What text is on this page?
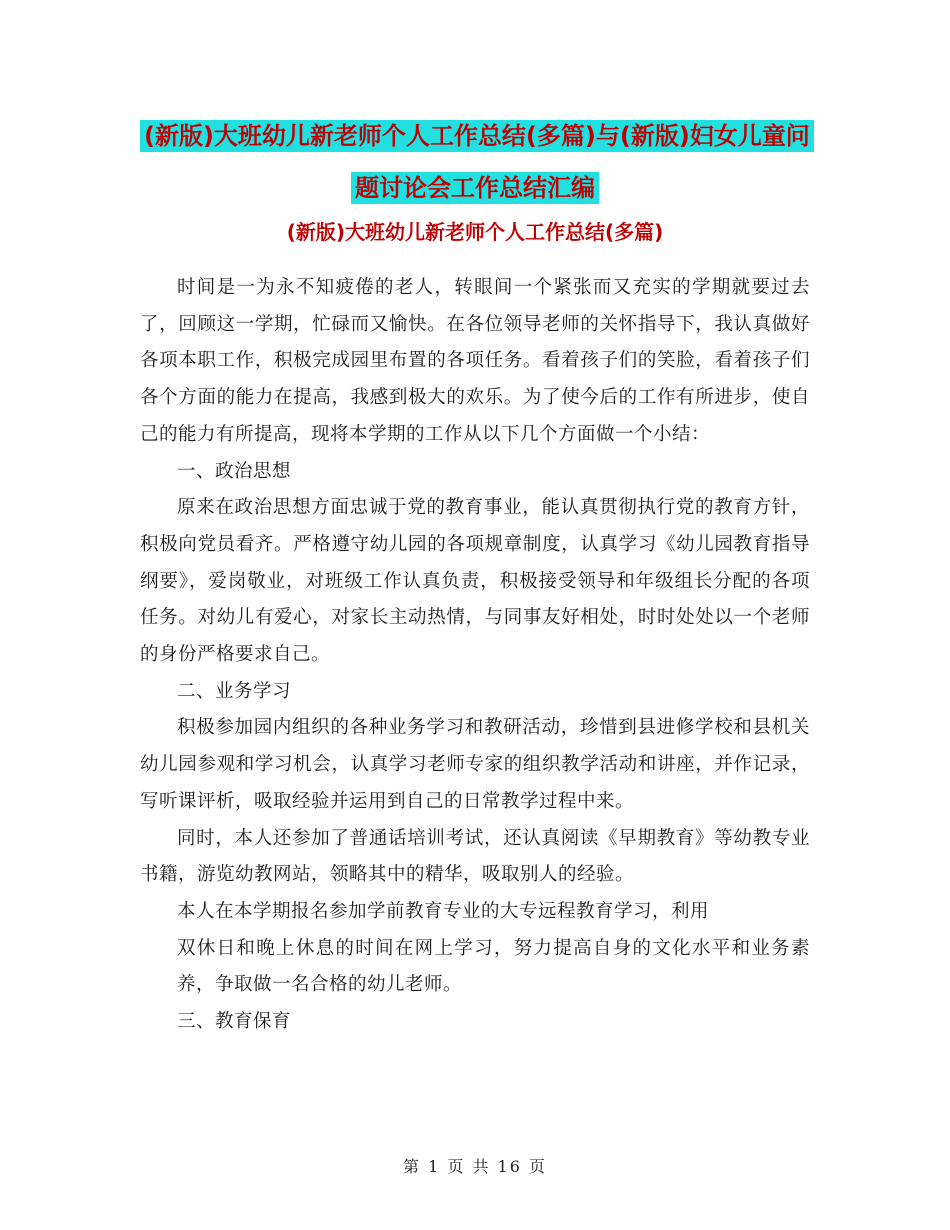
(新版)大班幼儿新老师个人工作总结(多篇)与(新版)妇女儿童问题讨论会工作总结汇编
(新版)大班幼儿新老师个人工作总结(多篇)

时间是一为永不知疲倦的老人，转眼间一个紧张而又充实的学期就要过去了，回顾这一学期，忙碌而又愉快。在各位领导老师的关怀指导下，我认真做好各项本职工作，积极完成园里布置的各项任务。看着孩子们的笑脸，看着孩子们各个方面的能力在提高，我感到极大的欢乐。为了使今后的工作有所进步，使自己的能力有所提高，现将本学期的工作从以下几个方面做一个小结：

一、政治思想

原来在政治思想方面忠诚于党的教育事业，能认真贯彻执行党的教育方针，积极向党员看齐。严格遵守幼儿园的各项规章制度，认真学习《幼儿园教育指导纲要》，爱岗敬业，对班级工作认真负责，积极接受领导和年级组长分配的各项任务。对幼儿有爱心，对家长主动热情，与同事友好相处，时时处处以一个老师的身份严格要求自己。

二、业务学习

积极参加园内组织的各种业务学习和教研活动，珍惜到县进修学校和县机关幼儿园参观和学习机会，认真学习老师专家的组织教学活动和讲座，并作记录，写听课评析，吸取经验并运用到自己的日常教学过程中来。

同时，本人还参加了普通话培训考试，还认真阅读《早期教育》等幼教专业书籍，游览幼教网站，领略其中的精华，吸取别人的经验。

本人在本学期报名参加学前教育专业的大专远程教育学习，利用

双休日和晚上休息的时间在网上学习，努力提高自身的文化水平和业务素养，争取做一名合格的幼儿老师。

三、教育保育

第 1 页 共 16 页
